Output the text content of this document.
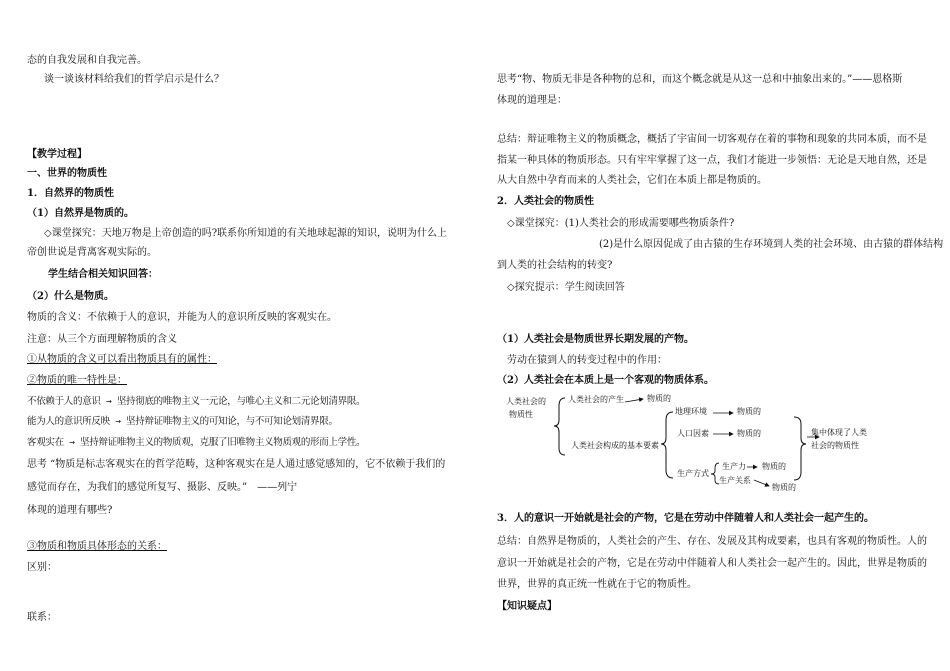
态的自我发展和自我完善。
谈一谈该材料给我们的哲学启示是什么？
【教学过程】
一、世界的物质性
1．自然界的物质性
（1）自然界是物质的。
◇课堂探究：天地万物是上帝创造的吗?联系你所知道的有关地球起源的知识，说明为什么上
帝创世说是背离客观实际的。
学生结合相关知识回答：
（2）什么是物质。
物质的含义：不依赖于人的意识，并能为人的意识所反映的客观实在。
注意：从三个方面理解物质的含义
①从物质的含义可以看出物质具有的属性：
②物质的唯一特性是：
不依赖于人的意识 → 坚持彻底的唯物主义一元论，与唯心主义和二元论划清界限。
能为人的意识所反映 → 坚持辩证唯物主义的可知论，与不可知论划清界限。
客观实在 → 坚持辩证唯物主义的物质观，克服了旧唯物主义物质观的形而上学性。
思考 “物质是标志客观实在的哲学范畴，这种客观实在是人通过感觉感知的，它不依赖于我们的
感觉而存在，为我们的感觉所复写、摄影、反映。”　——列宁
体现的道理有哪些?
③物质和物质具体形态的关系：
区别：
联系：
思考“物、物质无非是各种物的总和，而这个概念就是从这一总和中抽象出来的。”——恩格斯
体现的道理是：
总结：辩证唯物主义的物质概念，概括了宇宙间一切客观存在着的事物和现象的共同本质，而不是
指某一种具体的物质形态。只有牢牢掌握了这一点，我们才能进一步领悟：无论是天地自然，还是
从大自然中孕育而来的人类社会，它们在本质上都是物质的。
2．人类社会的物质性
◇课堂探究：(1)人类社会的形成需要哪些物质条件?
(2)是什么原因促成了由古猿的生存环境到人类的社会环境、由古猿的群体结构
到人类的社会结构的转变?
◇探究提示：学生阅读回答
（1）人类社会是物质世界长期发展的产物。
劳动在猿到人的转变过程中的作用：
（2）人类社会在本质上是一个客观的物质体系。
人类社会的
物质性
人类社会的产生	物质的
人类社会构成的基本要素
地理环境	物质的
人口因素	物质的
生产方式
生产力 物质的
生产关系
物质的
集中体现了人类
社会的物质性
3．人的意识一开始就是社会的产物，它是在劳动中伴随着人和人类社会一起产生的。
总结：自然界是物质的，人类社会的产生、存在、发展及其构成要素，也具有客观的物质性。人的
意识一开始就是社会的产物，它是在劳动中伴随着人和人类社会一起产生的。因此，世界是物质的
世界，世界的真正统一性就在于它的物质性。
【知识疑点】
